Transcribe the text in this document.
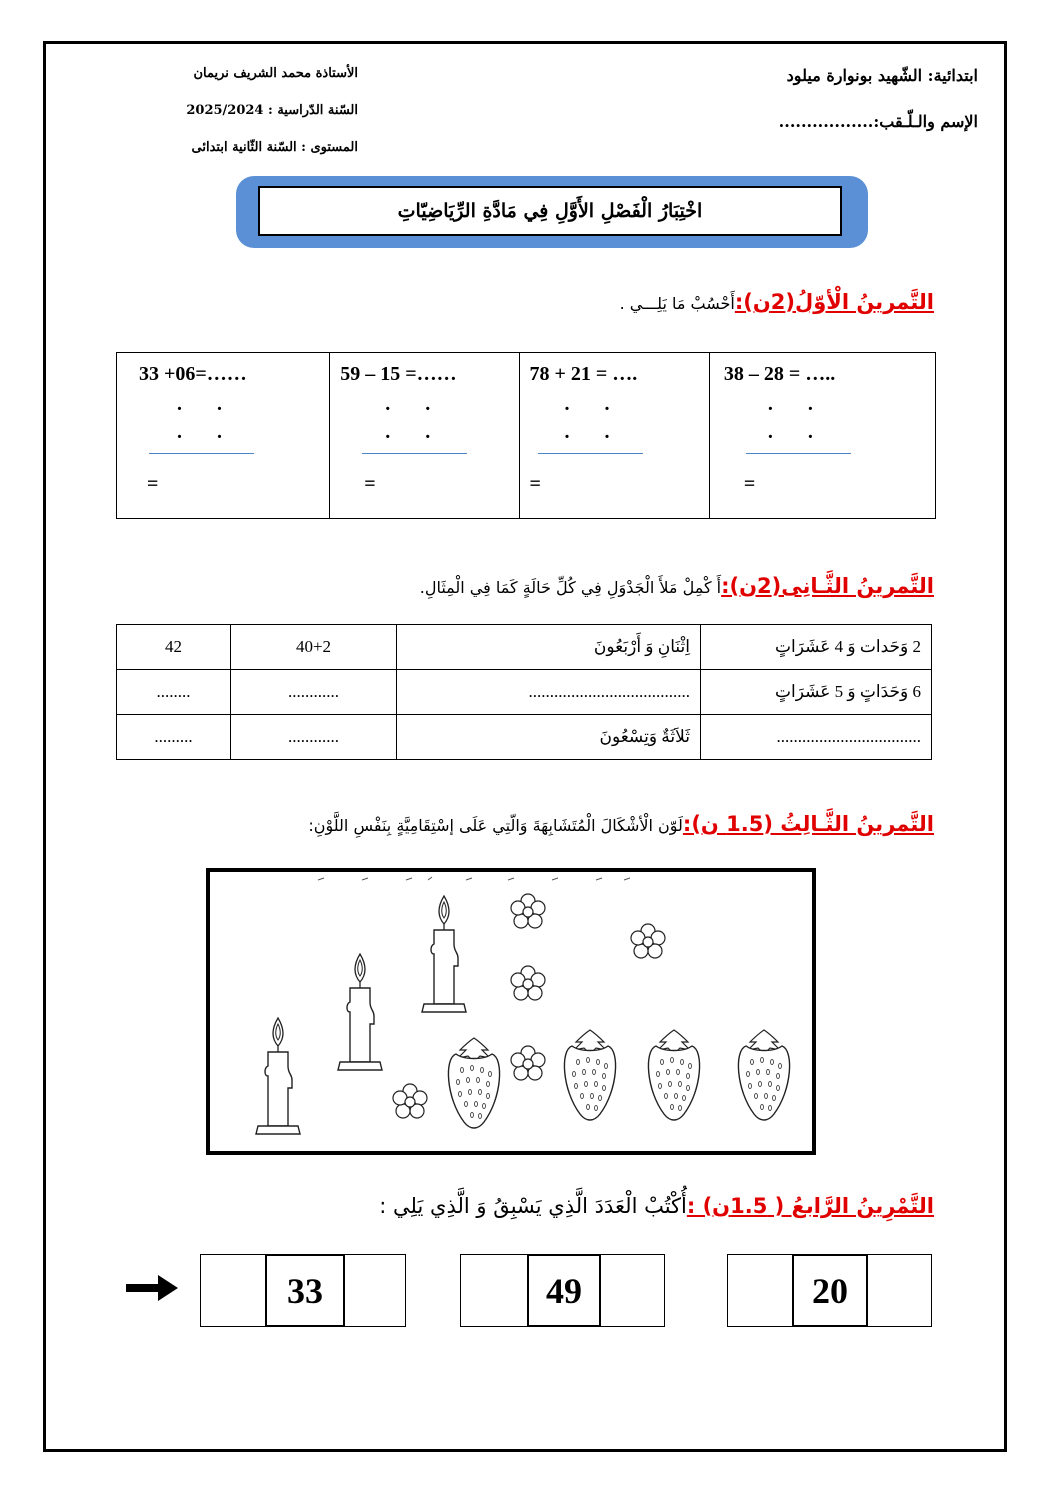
ابتدائية: الشّهيد بونوارة ميلود
الإسم والـلّـقب:.................
الأستاذة محمد الشريف نريمان
السّنة الدّراسية : 2025/2024
المستوى : السّنة الثّانية ابتدائى
اخْتِبَارُ الْفَصْلِ الأَوَّلِ فِي مَادَّةِ الرِّيَاضِيّاتِ
التَّمرينُ الْأوّلُ(2ن):أَحْسُبْ مَا يَلِـــي .
33 +06=……
. .
. .
=

59 – 15 =……
. .
. .
=

78 + 21 = ….
. .
. .
=

38 – 28 = …..
. .
. .
=
التَّمرينُ الثَّـانِى(2ن):أَ كْمِلْ مَلأَ الْجَدْوَلِ فِي كُلِّ حَالَةٍ كَمَا فِي الْمِثَالِ.
42	40+2	اِثْنَانِ وَ أَرْبَعُونَ	2 وَحَدات وَ 4 عَشَرَاتٍ
........	............	......................................	6 وَحَدَاتٍ وَ 5 عَشَرَاتٍ
.........	............	ثَلاَثَةٌ وَتِسْعُونَ	..................................
التَّمرينُ الثَّـالِثُ (1.5 ن):لَوّن الْأشْكَالَ الْمُتَشَابِهَةَ وَالّتِي عَلَى إسْتِقَامِيَّةٍ بِنَفْسِ اللَّوْنِ:
التَّمْرِينُ الرَّابعُ ( 1.5ن) :أُكْتُبْ الْعَدَدَ الَّذِي يَسْبِقُ وَ الَّذِي يَلِي :
33	49	20
